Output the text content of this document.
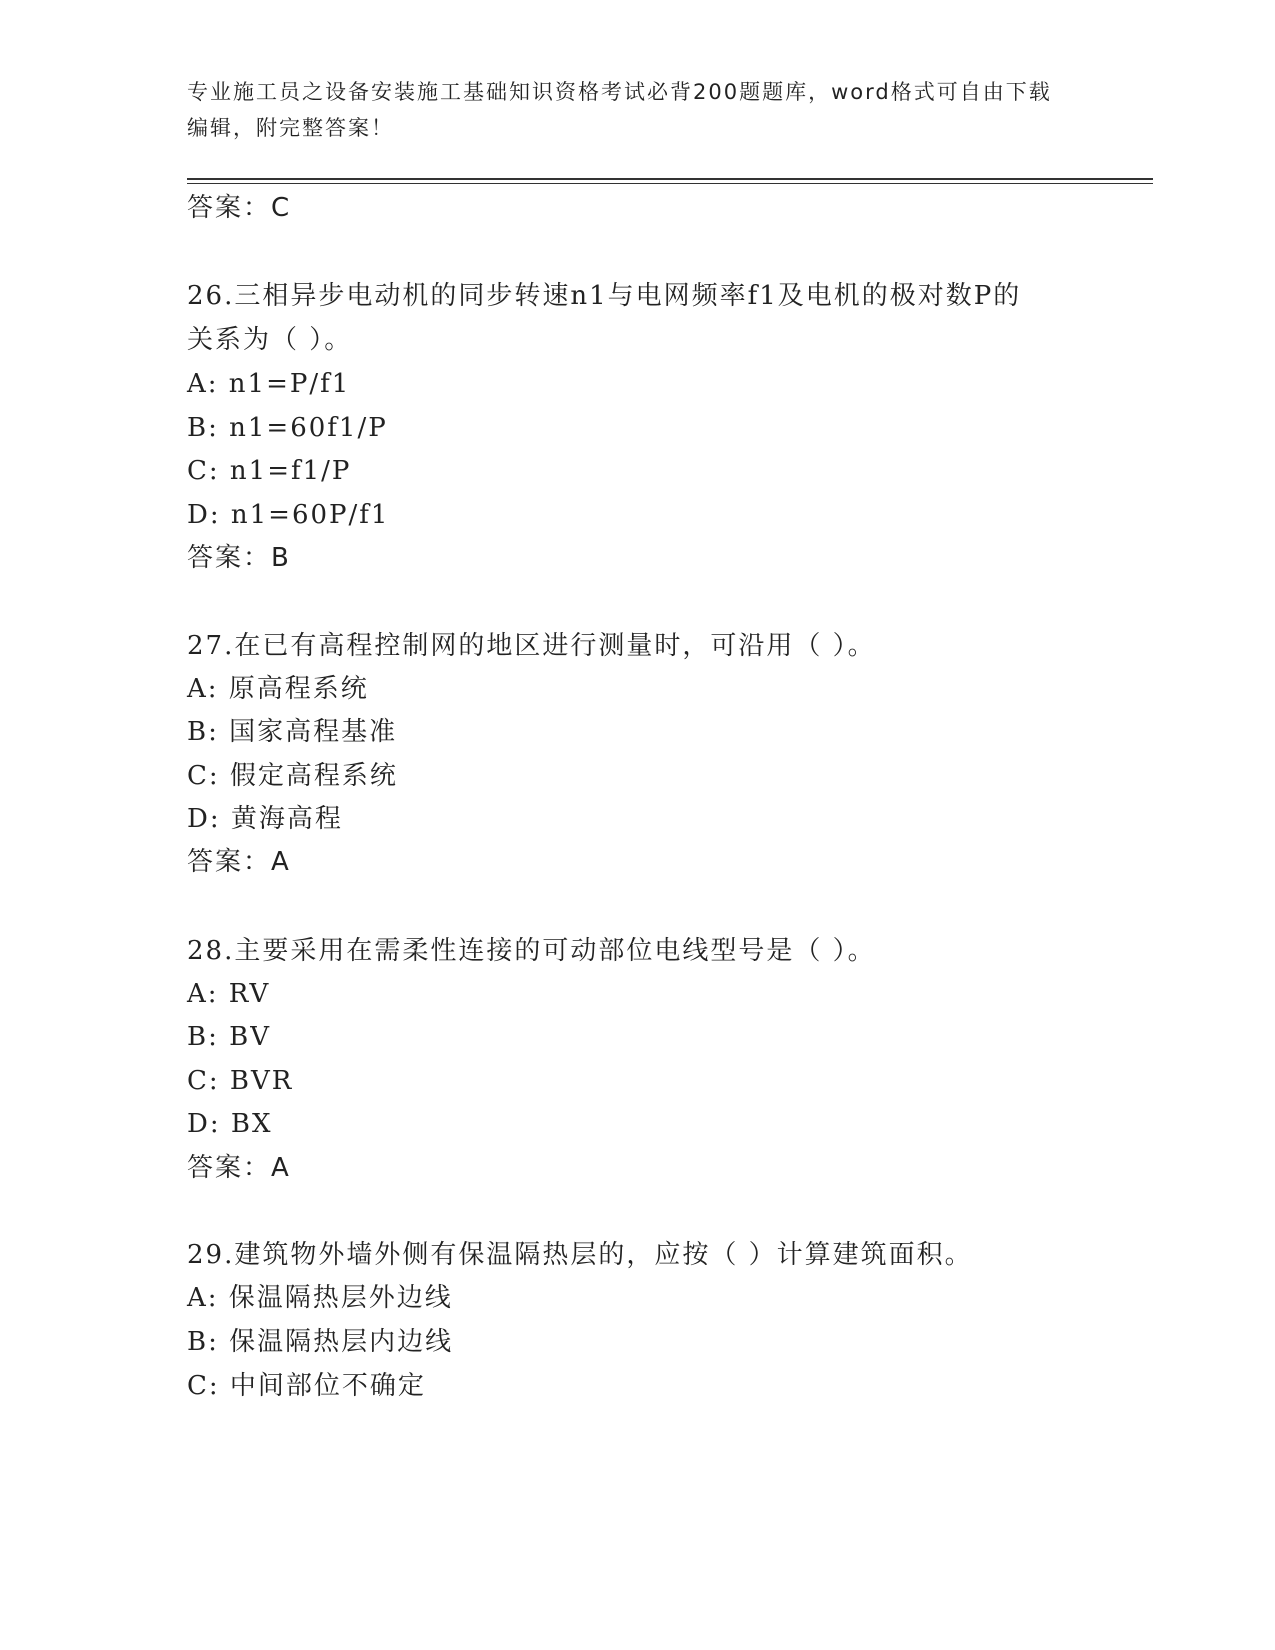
专业施工员之设备安装施工基础知识资格考试必背200题题库，word格式可自由下载编辑，附完整答案！
答案：C
26.三相异步电动机的同步转速n1与电网频率f1及电机的极对数P的
关系为（ ）。
A: n1=P/f1
B: n1=60f1/P
C: n1=f1/P
D: n1=60P/f1
答案：B
27.在已有高程控制网的地区进行测量时，可沿用（ ）。
A: 原高程系统
B: 国家高程基准
C: 假定高程系统
D: 黄海高程
答案：A
28.主要采用在需柔性连接的可动部位电线型号是（ ）。
A: RV
B: BV
C: BVR
D: BX
答案：A
29.建筑物外墙外侧有保温隔热层的，应按（ ）计算建筑面积。
A: 保温隔热层外边线
B: 保温隔热层内边线
C: 中间部位不确定
